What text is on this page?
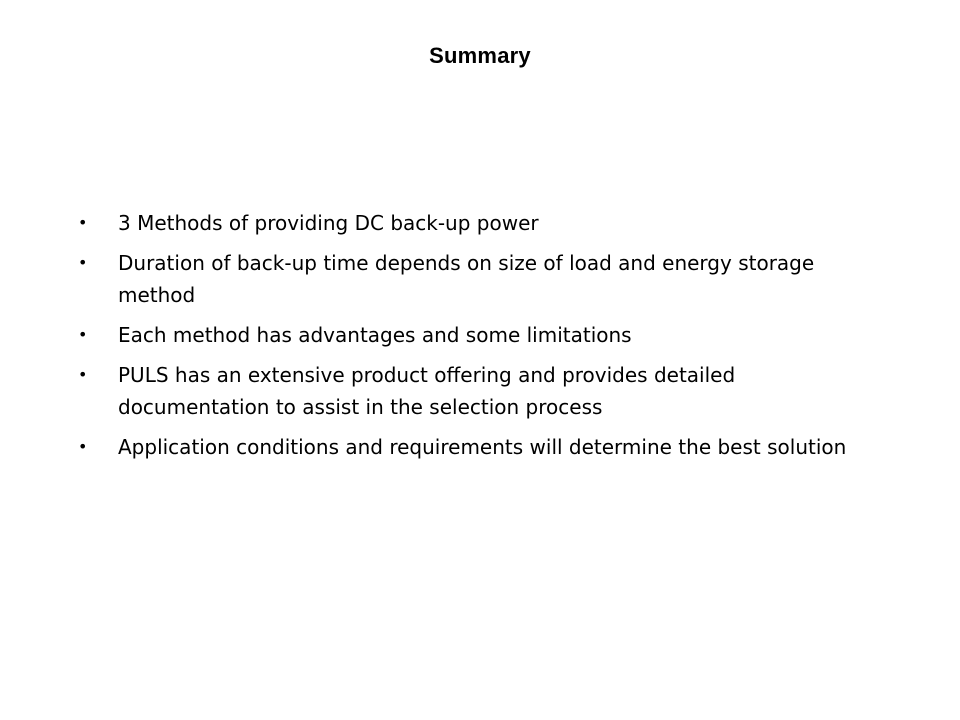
Summary
•	3 Methods of providing DC back-up power
•	Duration of back-up time depends on size of load and energy storage method
•	Each method has advantages and some limitations
•	PULS has an extensive product offering and provides detailed documentation to assist in the selection process
•	Application conditions and requirements will determine the best solution
